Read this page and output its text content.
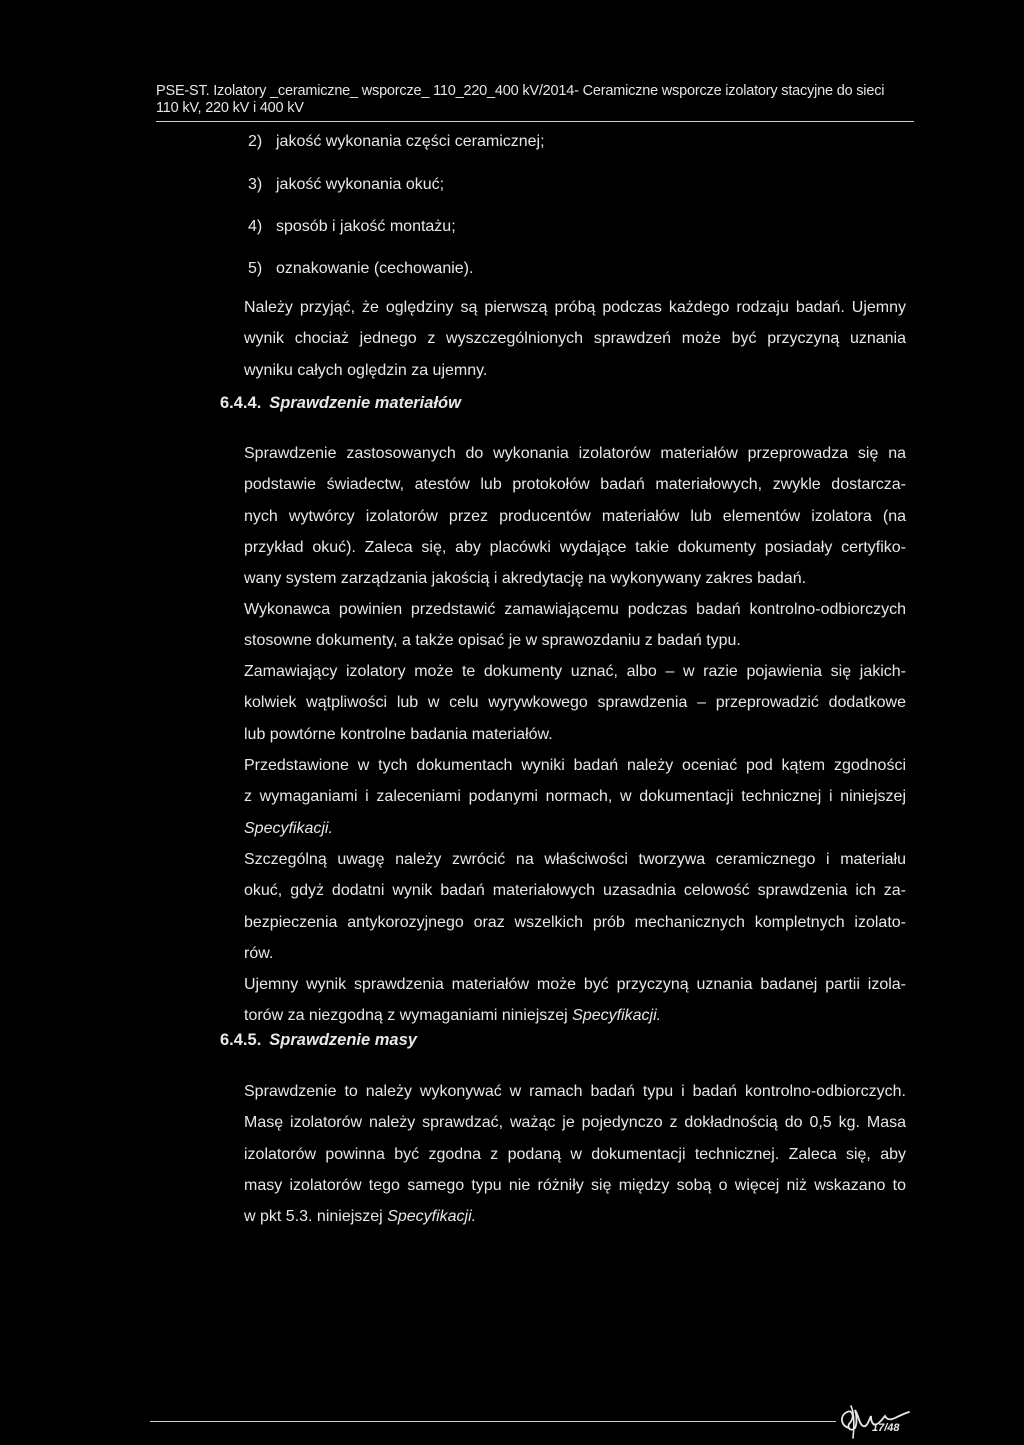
PSE-ST. Izolatory _ceramiczne_ wsporcze_ 110_220_400 kV/2014- Ceramiczne wsporcze izolatory stacyjne do sieci
110 kV, 220 kV i 400 kV
2) jakość wykonania części ceramicznej;
3) jakość wykonania okuć;
4) sposób i jakość montażu;
5) oznakowanie (cechowanie).
Należy przyjąć, że oględziny są pierwszą próbą podczas każdego rodzaju badań. Ujemny
wynik chociaż jednego z wyszczególnionych sprawdzeń może być przyczyną uznania
wyniku całych oględzin za ujemny.
6.4.4. Sprawdzenie materiałów
Sprawdzenie zastosowanych do wykonania izolatorów materiałów przeprowadza się na
podstawie świadectw, atestów lub protokołów badań materiałowych, zwykle dostarcza-
nych wytwórcy izolatorów przez producentów materiałów lub elementów izolatora (na
przykład okuć). Zaleca się, aby placówki wydające takie dokumenty posiadały certyfiko-
wany system zarządzania jakością i akredytację na wykonywany zakres badań.
Wykonawca powinien przedstawić zamawiającemu podczas badań kontrolno-odbiorczych
stosowne dokumenty, a także opisać je w sprawozdaniu z badań typu.
Zamawiający izolatory może te dokumenty uznać, albo – w razie pojawienia się jakich-
kolwiek wątpliwości lub w celu wyrywkowego sprawdzenia – przeprowadzić dodatkowe
lub powtórne kontrolne badania materiałów.
Przedstawione w tych dokumentach wyniki badań należy oceniać pod kątem zgodności
z wymaganiami i zaleceniami podanymi normach, w dokumentacji technicznej i niniejszej
Specyfikacji.
Szczególną uwagę należy zwrócić na właściwości tworzywa ceramicznego i materiału
okuć, gdyż dodatni wynik badań materiałowych uzasadnia celowość sprawdzenia ich za-
bezpieczenia antykorozyjnego oraz wszelkich prób mechanicznych kompletnych izolato-
rów.
Ujemny wynik sprawdzenia materiałów może być przyczyną uznania badanej partii izola-
torów za niezgodną z wymaganiami niniejszej Specyfikacji.
6.4.5. Sprawdzenie masy
Sprawdzenie to należy wykonywać w ramach badań typu i badań kontrolno-odbiorczych.
Masę izolatorów należy sprawdzać, ważąc je pojedynczo z dokładnością do 0,5 kg. Masa
izolatorów powinna być zgodna z podaną w dokumentacji technicznej. Zaleca się, aby
masy izolatorów tego samego typu nie różniły się między sobą o więcej niż wskazano to
w pkt 5.3. niniejszej Specyfikacji.
17/48
